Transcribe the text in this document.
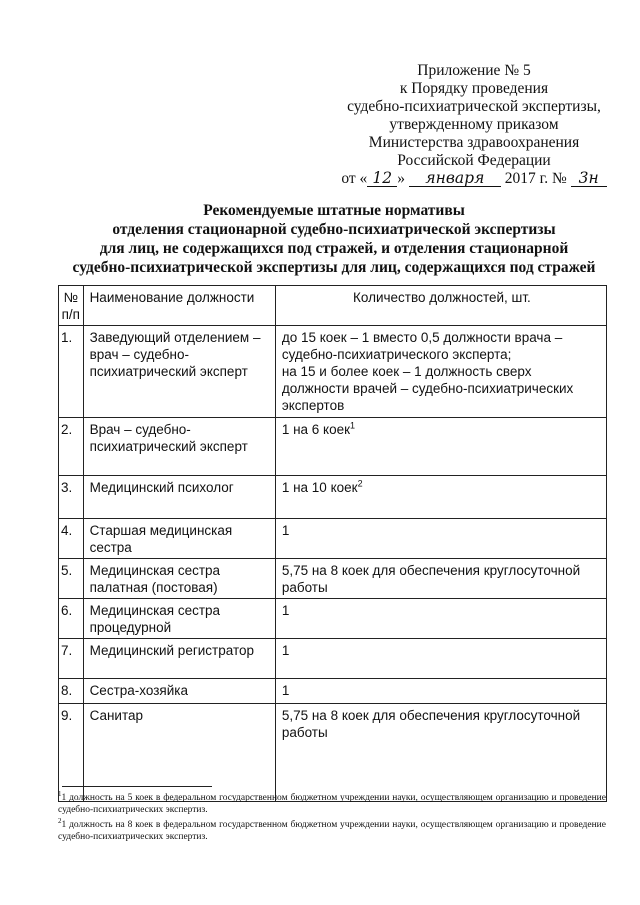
Приложение № 5
к Порядку проведения
судебно-психиатрической экспертизы,
утвержденному приказом
Министерства здравоохранения
Российской Федерации
от « 12 » января 2017 г. № 3н
Рекомендуемые штатные нормативы
отделения стационарной судебно-психиатрической экспертизы
для лиц, не содержащихся под стражей, и отделения стационарной
судебно-психиатрической экспертизы для лиц, содержащихся под стражей
№
п/п	Наименование должности	Количество должностей, шт.
1.	Заведующий отделением – врач – судебно-психиатрический эксперт	до 15 коек – 1 вместо 0,5 должности врача – судебно-психиатрического эксперта;
на 15 и более коек – 1 должность сверх должности врачей – судебно-психиатрических экспертов
2.	Врач – судебно-психиатрический эксперт	1 на 6 коек$^1$
3.	Медицинский психолог	1 на 10 коек$^2$
4.	Старшая медицинская сестра	1
5.	Медицинская сестра палатная (постовая)	5,75 на 8 коек для обеспечения круглосуточной работы
6.	Медицинская сестра процедурной	1
7.	Медицинский регистратор	1
8.	Сестра-хозяйка	1
9.	Санитар	5,75 на 8 коек для обеспечения круглосуточной работы

$^1$1 должность на 5 коек в федеральном государственном бюджетном учреждении науки, осуществляющем организацию и проведение судебно-психиатрических экспертиз.

$^2$1 должность на 8 коек в федеральном государственном бюджетном учреждении науки, осуществляющем организацию и проведение судебно-психиатрических экспертиз.
